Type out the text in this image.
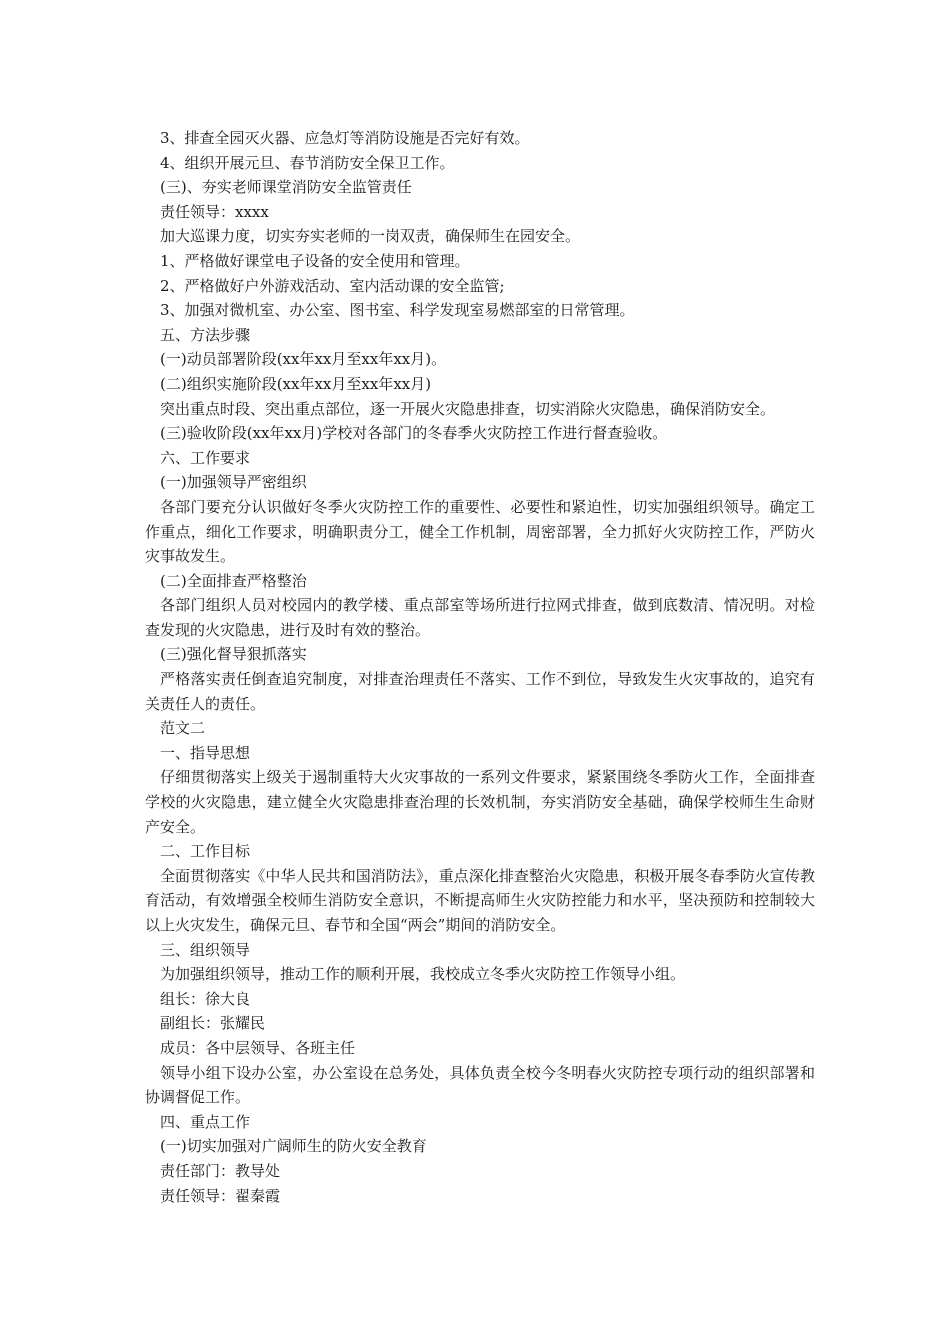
3、排查全园灭火器、应急灯等消防设施是否完好有效。

4、组织开展元旦、春节消防安全保卫工作。

(三)、夯实老师课堂消防安全监管责任

责任领导：xxxx

加大巡课力度，切实夯实老师的一岗双责，确保师生在园安全。

1、严格做好课堂电子设备的安全使用和管理。

2、严格做好户外游戏活动、室内活动课的安全监管;

3、加强对微机室、办公室、图书室、科学发现室易燃部室的日常管理。

五、方法步骤

(一)动员部署阶段(xx年xx月至xx年xx月)。

(二)组织实施阶段(xx年xx月至xx年xx月)

突出重点时段、突出重点部位，逐一开展火灾隐患排查，切实消除火灾隐患，确保消防安全。

(三)验收阶段(xx年xx月)学校对各部门的冬春季火灾防控工作进行督查验收。

六、工作要求

(一)加强领导严密组织

各部门要充分认识做好冬季火灾防控工作的重要性、必要性和紧迫性，切实加强组织领导。确定工作重点，细化工作要求，明确职责分工，健全工作机制，周密部署，全力抓好火灾防控工作，严防火灾事故发生。

(二)全面排查严格整治

各部门组织人员对校园内的教学楼、重点部室等场所进行拉网式排查，做到底数清、情况明。对检查发现的火灾隐患，进行及时有效的整治。

(三)强化督导狠抓落实

严格落实责任倒查追究制度，对排查治理责任不落实、工作不到位，导致发生火灾事故的，追究有关责任人的责任。

范文二

一、指导思想

仔细贯彻落实上级关于遏制重特大火灾事故的一系列文件要求，紧紧围绕冬季防火工作，全面排查学校的火灾隐患，建立健全火灾隐患排查治理的长效机制，夯实消防安全基础，确保学校师生生命财产安全。

二、工作目标

全面贯彻落实《中华人民共和国消防法》，重点深化排查整治火灾隐患，积极开展冬春季防火宣传教育活动，有效增强全校师生消防安全意识，不断提高师生火灾防控能力和水平，坚决预防和控制较大以上火灾发生，确保元旦、春节和全国“两会”期间的消防安全。

三、组织领导

为加强组织领导，推动工作的顺利开展，我校成立冬季火灾防控工作领导小组。

组长：徐大良

副组长：张耀民

成员：各中层领导、各班主任

领导小组下设办公室，办公室设在总务处，具体负责全校今冬明春火灾防控专项行动的组织部署和协调督促工作。

四、重点工作

(一)切实加强对广阔师生的防火安全教育

责任部门：教导处

责任领导：翟秦霞
